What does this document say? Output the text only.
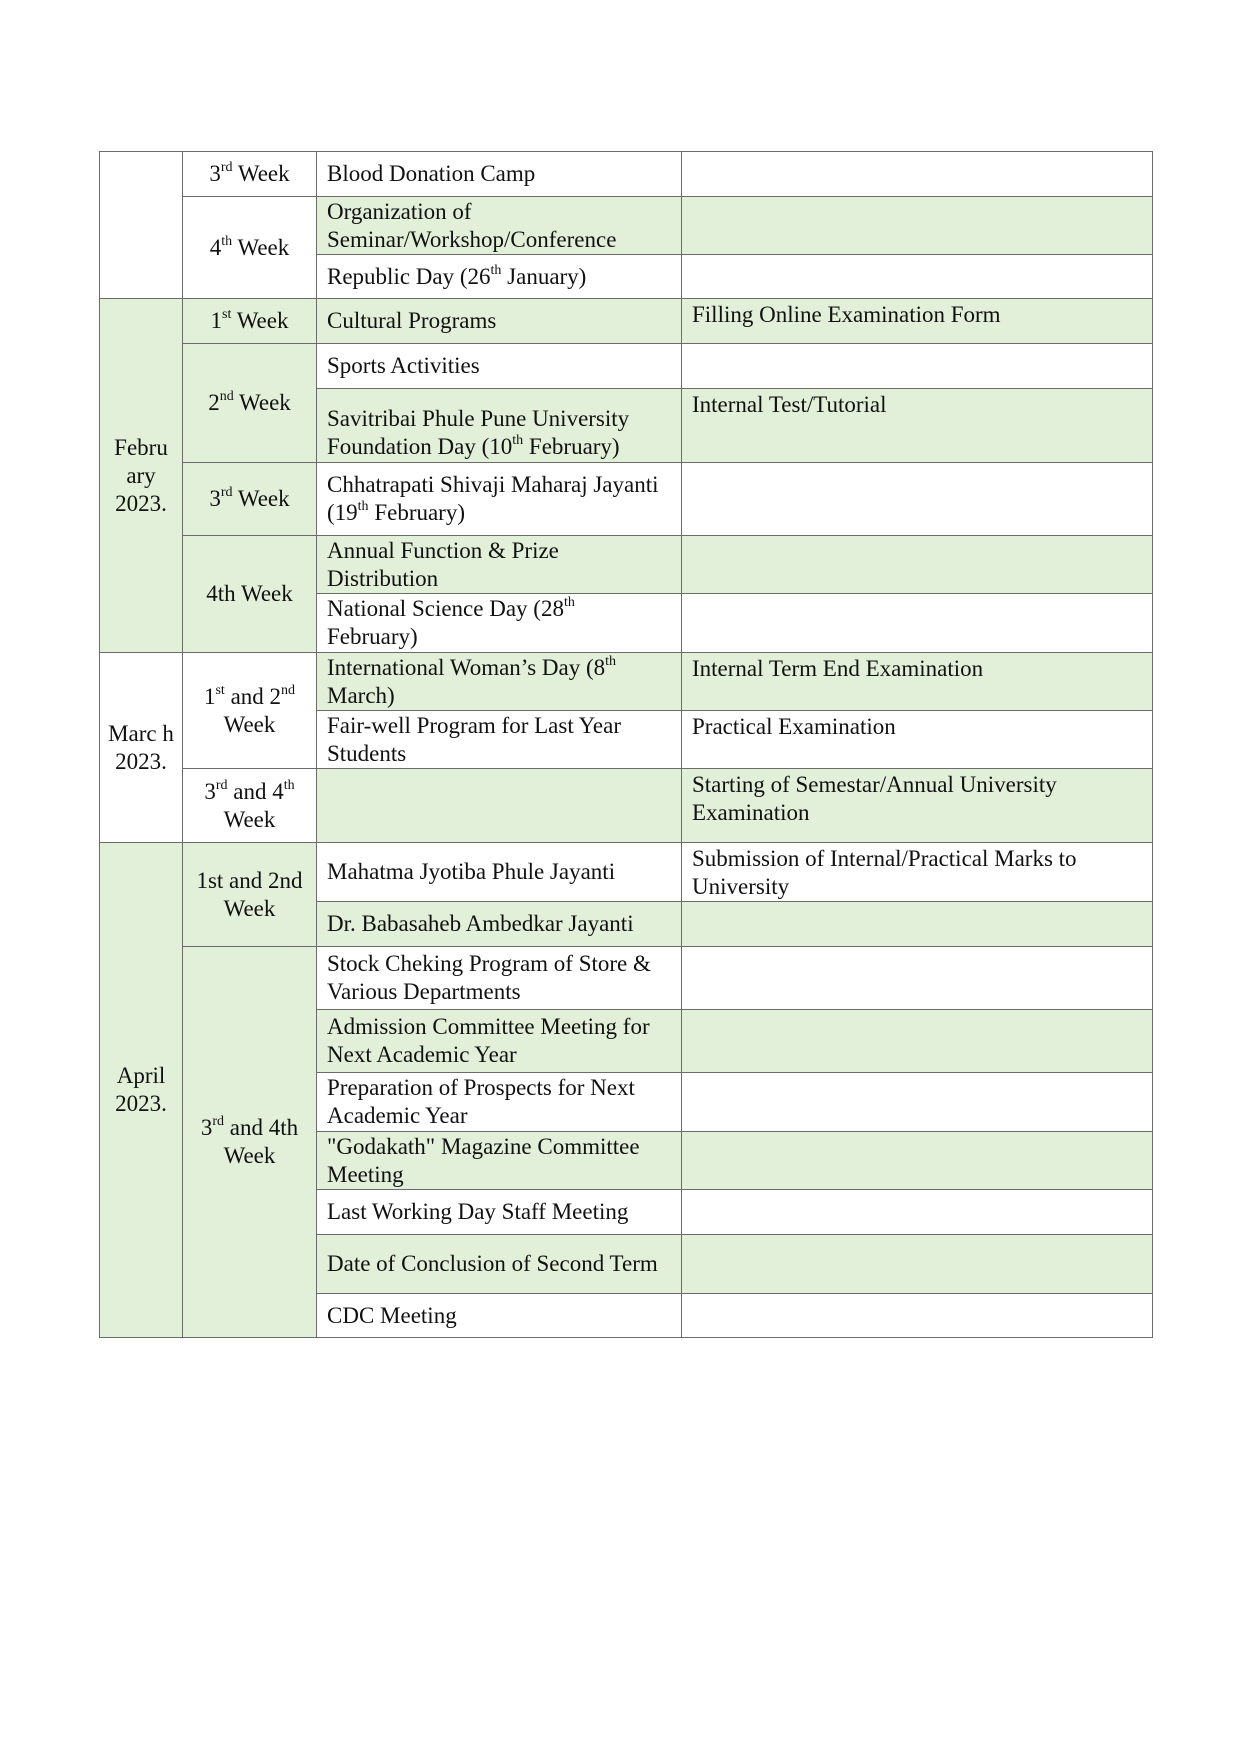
	3rd Week	Blood Donation Camp	
	4th Week	Organization of Seminar/Workshop/Conference	
		Republic Day (26th January)	
Febru ary 2023.	1st Week	Cultural Programs	Filling Online Examination Form
	2nd Week	Sports Activities	
		Savitribai Phule Pune University Foundation Day (10th February)	Internal Test/Tutorial
	3rd Week	Chhatrapati Shivaji Maharaj Jayanti (19th February)	
	4th Week	Annual Function & Prize Distribution	
		National Science Day (28th February)	
Marc h 2023.	1st and 2nd Week	International Woman’s Day (8th March)	Internal Term End Examination
		Fair-well Program for Last Year Students	Practical Examination
	3rd and 4th Week		Starting of Semestar/Annual University Examination
April 2023.	1st and 2nd Week	Mahatma Jyotiba Phule Jayanti	Submission of Internal/Practical Marks to University
		Dr. Babasaheb Ambedkar Jayanti	
	3rd and 4th Week	Stock Cheking Program of Store & Various Departments	
		Admission Committee Meeting for Next Academic Year	
		Preparation of Prospects for Next Academic Year	
		"Godakath" Magazine Committee Meeting	
		Last Working Day Staff Meeting	
		Date of Conclusion of Second Term	
		CDC Meeting	
